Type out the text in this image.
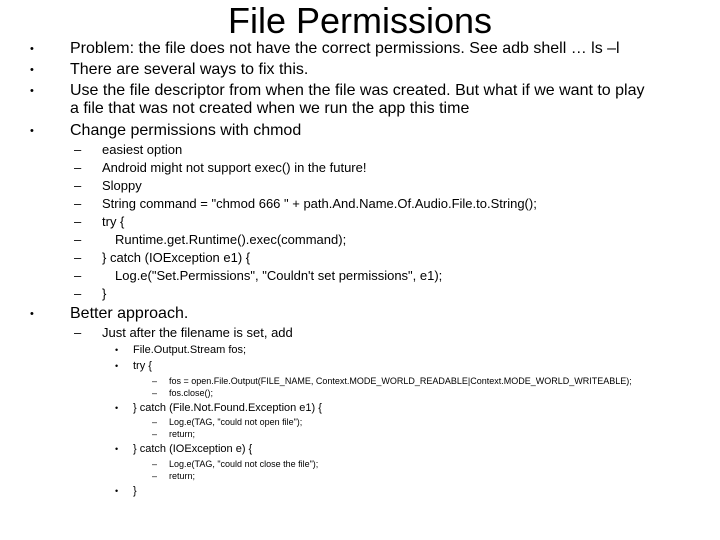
File Permissions
• Problem: the file does not have the correct permissions. See adb shell … ls –l
• There are several ways to fix this.
• Use the file descriptor from when the file was created. But what if we want to play
a file that was not created when we run the app this time
• Change permissions with chmod
– easiest option
– Android might not support exec() in the future!
– Sloppy
– String command = "chmod 666 " + path.And.Name.Of.Audio.File.to.String();
– try {
–	Runtime.get.Runtime().exec(command);
– } catch (IOException e1) {
–	Log.e("Set.Permissions", "Couldn't set permissions", e1);
– }
• Better approach.
– Just after the filename is set, add
• File.Output.Stream fos;
• try {
– fos = open.File.Output(FILE_NAME, Context.MODE_WORLD_READABLE|Context.MODE_WORLD_WRITEABLE);
– fos.close();
• } catch (File.Not.Found.Exception e1) {
– Log.e(TAG, "could not open file");
– return;
• } catch (IOException e) {
– Log.e(TAG, "could not close the file");
– return;
• }
